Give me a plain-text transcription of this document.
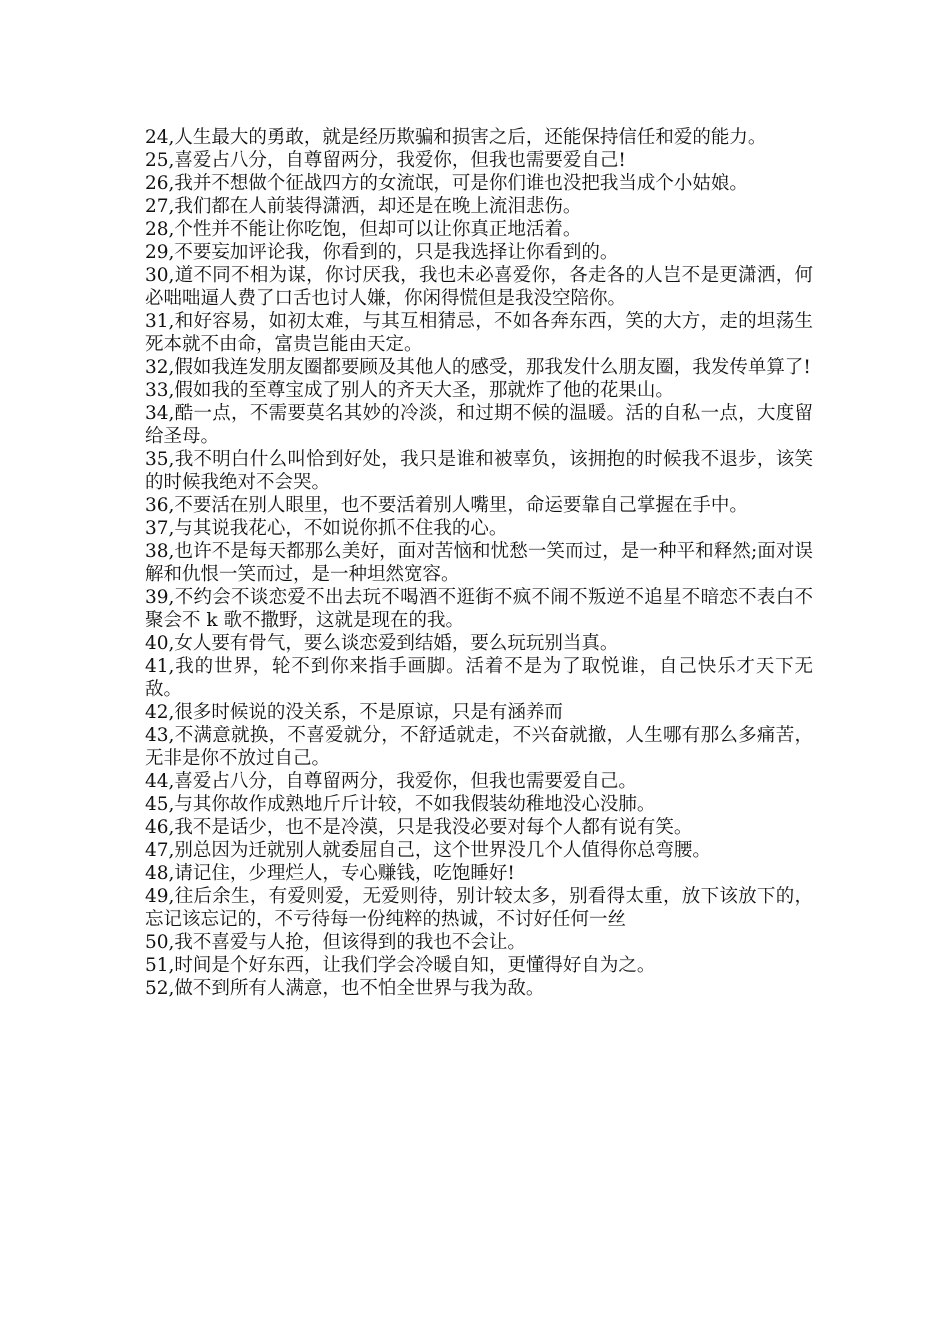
24,人生最大的勇敢，就是经历欺骗和损害之后，还能保持信任和爱的能力。

25,喜爱占八分，自尊留两分，我爱你，但我也需要爱自己!

26,我并不想做个征战四方的女流氓，可是你们谁也没把我当成个小姑娘。

27,我们都在人前装得潇洒，却还是在晚上流泪悲伤。

28,个性并不能让你吃饱，但却可以让你真正地活着。

29,不要妄加评论我，你看到的，只是我选择让你看到的。

30,道不同不相为谋，你讨厌我，我也未必喜爱你，各走各的人岂不是更潇洒，何必咄咄逼人费了口舌也讨人嫌，你闲得慌但是我没空陪你。

31,和好容易，如初太难，与其互相猜忌，不如各奔东西，笑的大方，走的坦荡生死本就不由命，富贵岂能由天定。

32,假如我连发朋友圈都要顾及其他人的感受，那我发什么朋友圈，我发传单算了!

33,假如我的至尊宝成了别人的齐天大圣，那就炸了他的花果山。

34,酷一点，不需要莫名其妙的冷淡，和过期不候的温暖。活的自私一点，大度留给圣母。

35,我不明白什么叫恰到好处，我只是谁和被辜负，该拥抱的时候我不退步，该笑的时候我绝对不会哭。

36,不要活在别人眼里，也不要活着别人嘴里，命运要靠自己掌握在手中。

37,与其说我花心，不如说你抓不住我的心。

38,也许不是每天都那么美好，面对苦恼和忧愁一笑而过，是一种平和释然;面对误解和仇恨一笑而过，是一种坦然宽容。

39,不约会不谈恋爱不出去玩不喝酒不逛街不疯不闹不叛逆不追星不暗恋不表白不聚会不 k 歌不撒野，这就是现在的我。

40,女人要有骨气，要么谈恋爱到结婚，要么玩玩别当真。

41,我的世界，轮不到你来指手画脚。活着不是为了取悦谁，自己快乐才天下无敌。

42,很多时候说的没关系，不是原谅，只是有涵养而

43,不满意就换，不喜爱就分，不舒适就走，不兴奋就撤，人生哪有那么多痛苦，无非是你不放过自己。

44,喜爱占八分，自尊留两分，我爱你，但我也需要爱自己。

45,与其你故作成熟地斤斤计较，不如我假装幼稚地没心没肺。

46,我不是话少，也不是冷漠，只是我没必要对每个人都有说有笑。

47,别总因为迁就别人就委屈自己，这个世界没几个人值得你总弯腰。

48,请记住，少理烂人，专心赚钱，吃饱睡好!

49,往后余生，有爱则爱，无爱则待，别计较太多，别看得太重，放下该放下的，忘记该忘记的，不亏待每一份纯粹的热诚，不讨好任何一丝

50,我不喜爱与人抢，但该得到的我也不会让。

51,时间是个好东西，让我们学会冷暖自知，更懂得好自为之。

52,做不到所有人满意，也不怕全世界与我为敌。
